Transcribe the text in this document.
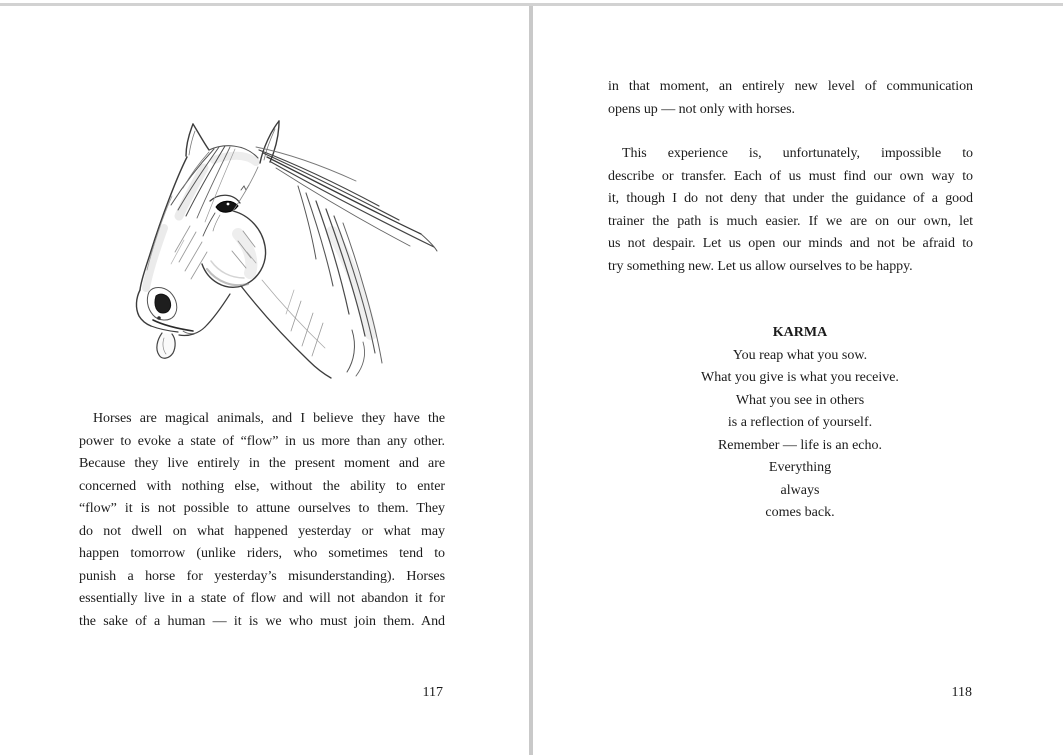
Horses are magical animals, and I believe they have the
power to evoke a state of “flow” in us more than any other.
Because they live entirely in the present moment and are
concerned with nothing else, without the ability to enter
“flow” it is not possible to attune ourselves to them. They
do not dwell on what happened yesterday or what may
happen tomorrow (unlike riders, who sometimes tend to
punish a horse for yesterday’s misunderstanding). Horses
essentially live in a state of flow and will not abandon it for
the sake of a human — it is we who must join them. And
117
in that moment, an entirely new level of communication
opens up — not only with horses.
This experience is, unfortunately, impossible to
describe or transfer. Each of us must find our own way to
it, though I do not deny that under the guidance of a good
trainer the path is much easier. If we are on our own, let
us not despair. Let us open our minds and not be afraid to
try something new. Let us allow ourselves to be happy.
KARMA
You reap what you sow.
What you give is what you receive.
What you see in others
is a reflection of yourself.
Remember — life is an echo.
Everything
always
comes back.
118
